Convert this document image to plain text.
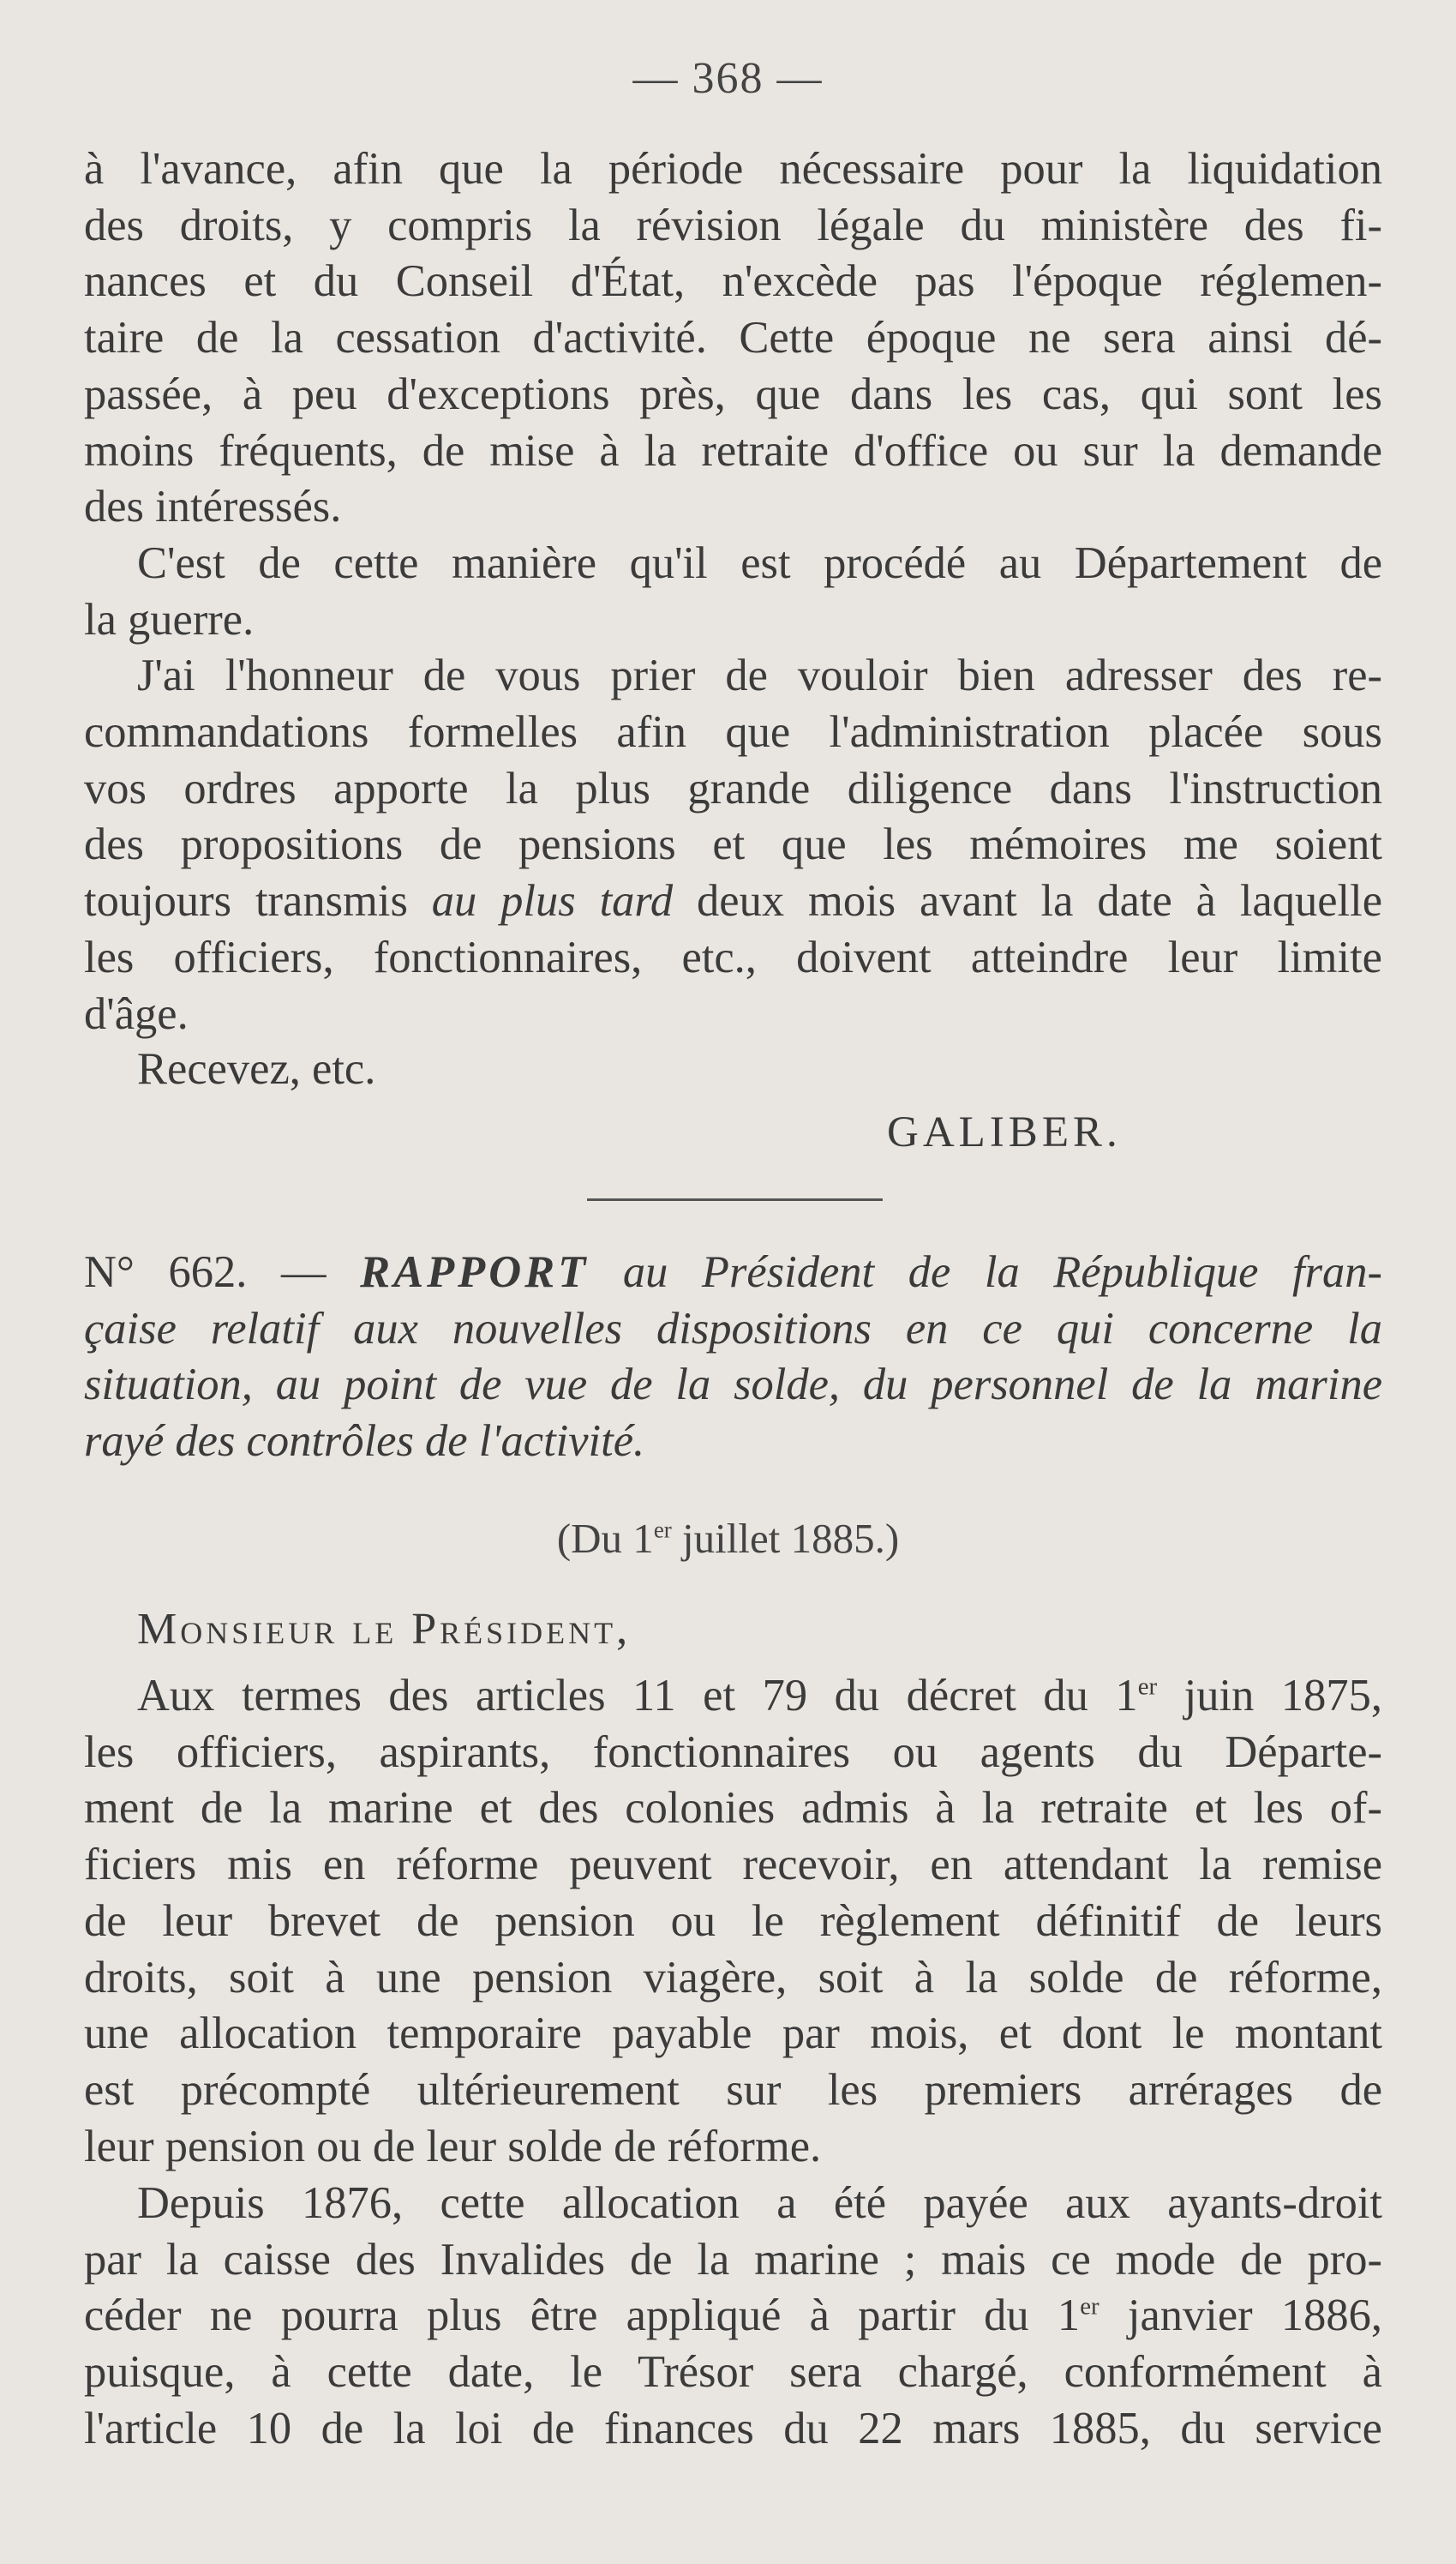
— 368 —

à l'avance, afin que la période nécessaire pour la liquidation

des droits, y compris la révision légale du ministère des fi-

nances et du Conseil d'État, n'excède pas l'époque réglemen-

taire de la cessation d'activité. Cette époque ne sera ainsi dé-

passée, à peu d'exceptions près, que dans les cas, qui sont les

moins fréquents, de mise à la retraite d'office ou sur la demande

des intéressés.

C'est de cette manière qu'il est procédé au Département de

la guerre.

J'ai l'honneur de vous prier de vouloir bien adresser des re-

commandations formelles afin que l'administration placée sous

vos ordres apporte la plus grande diligence dans l'instruction

des propositions de pensions et que les mémoires me soient

toujours transmis au plus tard deux mois avant la date à laquelle

les officiers, fonctionnaires, etc., doivent atteindre leur limite

d'âge.

Recevez, etc.
GALIBER.

N° 662. — RAPPORT au Président de la République fran-

çaise relatif aux nouvelles dispositions en ce qui concerne la

situation, au point de vue de la solde, du personnel de la marine

rayé des contrôles de l'activité.

(Du 1er juillet 1885.)
Monsieur le Président,

Aux termes des articles 11 et 79 du décret du 1er juin 1875,

les officiers, aspirants, fonctionnaires ou agents du Départe-

ment de la marine et des colonies admis à la retraite et les of-

ficiers mis en réforme peuvent recevoir, en attendant la remise

de leur brevet de pension ou le règlement définitif de leurs

droits, soit à une pension viagère, soit à la solde de réforme,

une allocation temporaire payable par mois, et dont le montant

est précompté ultérieurement sur les premiers arrérages de

leur pension ou de leur solde de réforme.

Depuis 1876, cette allocation a été payée aux ayants-droit

par la caisse des Invalides de la marine ; mais ce mode de pro-

céder ne pourra plus être appliqué à partir du 1er janvier 1886,

puisque, à cette date, le Trésor sera chargé, conformément à

l'article 10 de la loi de finances du 22 mars 1885, du service
